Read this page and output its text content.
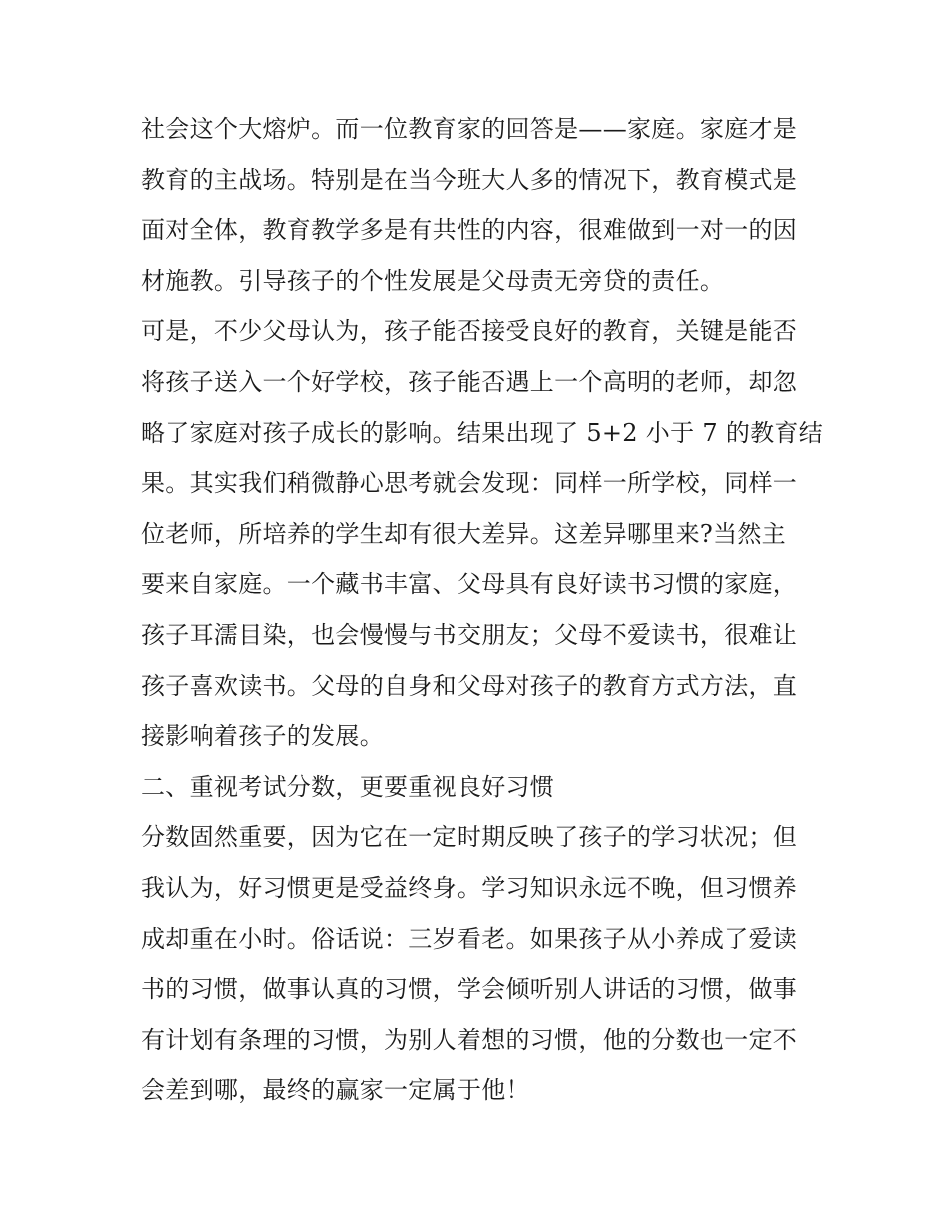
社会这个大熔炉。而一位教育家的回答是——家庭。家庭才是
教育的主战场。特别是在当今班大人多的情况下，教育模式是
面对全体，教育教学多是有共性的内容，很难做到一对一的因
材施教。引导孩子的个性发展是父母责无旁贷的责任。
可是，不少父母认为，孩子能否接受良好的教育，关键是能否
将孩子送入一个好学校，孩子能否遇上一个高明的老师，却忽
略了家庭对孩子成长的影响。结果出现了 5+2 小于 7 的教育结
果。其实我们稍微静心思考就会发现：同样一所学校，同样一
位老师，所培养的学生却有很大差异。这差异哪里来?当然主
要来自家庭。一个藏书丰富、父母具有良好读书习惯的家庭，
孩子耳濡目染，也会慢慢与书交朋友；父母不爱读书，很难让
孩子喜欢读书。父母的自身和父母对孩子的教育方式方法，直
接影响着孩子的发展。
二、重视考试分数，更要重视良好习惯
分数固然重要，因为它在一定时期反映了孩子的学习状况；但
我认为，好习惯更是受益终身。学习知识永远不晚，但习惯养
成却重在小时。俗话说：三岁看老。如果孩子从小养成了爱读
书的习惯，做事认真的习惯，学会倾听别人讲话的习惯，做事
有计划有条理的习惯，为别人着想的习惯，他的分数也一定不
会差到哪，最终的赢家一定属于他！
